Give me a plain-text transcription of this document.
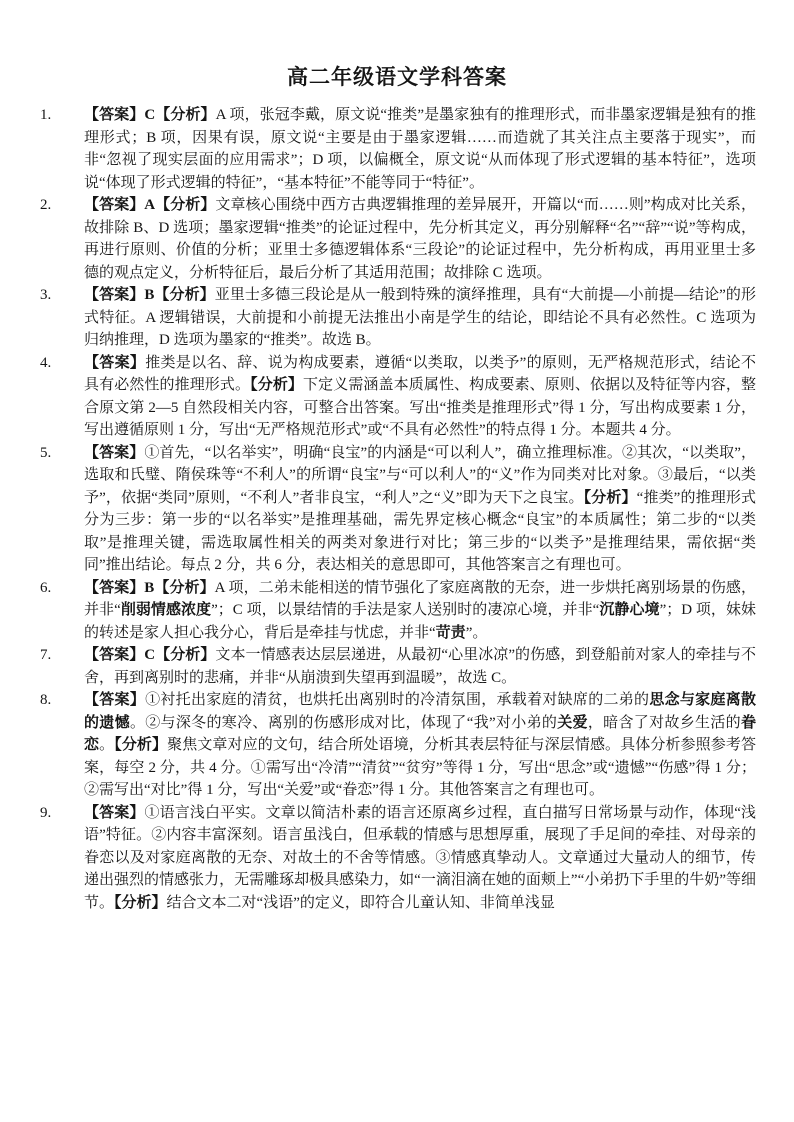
高二年级语文学科答案
1.	【答案】C【分析】A 项，张冠李戴，原文说“推类”是墨家独有的推理形式，而非墨家逻辑是独有的推理形式；B 项，因果有误，原文说“主要是由于墨家逻辑……而造就了其关注点主要落于现实”，而非“忽视了现实层面的应用需求”；D 项，以偏概全，原文说“从而体现了形式逻辑的基本特征”，选项说“体现了形式逻辑的特征”，“基本特征”不能等同于“特征”。
2.	【答案】A【分析】文章核心围绕中西方古典逻辑推理的差异展开，开篇以“而……则”构成对比关系，故排除 B、D 选项；墨家逻辑“推类”的论证过程中，先分析其定义，再分别解释“名”“辞”“说”等构成，再进行原则、价值的分析；亚里士多德逻辑体系“三段论”的论证过程中，先分析构成，再用亚里士多德的观点定义，分析特征后，最后分析了其适用范围；故排除 C 选项。
3.	【答案】B【分析】亚里士多德三段论是从一般到特殊的演绎推理，具有“大前提—小前提—结论”的形式特征。A 逻辑错误，大前提和小前提无法推出小南是学生的结论，即结论不具有必然性。C 选项为归纳推理，D 选项为墨家的“推类”。故选 B。
4.	【答案】推类是以名、辞、说为构成要素，遵循“以类取，以类予”的原则，无严格规范形式，结论不具有必然性的推理形式。【分析】下定义需涵盖本质属性、构成要素、原则、依据以及特征等内容，整合原文第 2—5 自然段相关内容，可整合出答案。写出“推类是推理形式”得 1 分，写出构成要素 1 分，写出遵循原则 1 分，写出“无严格规范形式”或“不具有必然性”的特点得 1 分。本题共 4 分。
5.	【答案】①首先，“以名举实”，明确“良宝”的内涵是“可以利人”，确立推理标准。②其次，“以类取”，选取和氏璧、隋侯珠等“不利人”的所谓“良宝”与“可以利人”的“义”作为同类对比对象。③最后，“以类予”，依据“类同”原则，“不利人”者非良宝，“利人”之“义”即为天下之良宝。【分析】“推类”的推理形式分为三步：第一步的“以名举实”是推理基础，需先界定核心概念“良宝”的本质属性；第二步的“以类取”是推理关键，需选取属性相关的两类对象进行对比；第三步的“以类予”是推理结果，需依据“类同”推出结论。每点 2 分，共 6 分，表达相关的意思即可，其他答案言之有理也可。
6.	【答案】B【分析】A 项，二弟未能相送的情节强化了家庭离散的无奈，进一步烘托离别场景的伤感，并非“削弱情感浓度”；C 项，以景结情的手法是家人送别时的凄凉心境，并非“沉静心境”；D 项，妹妹的转述是家人担心我分心，背后是牵挂与忧虑，并非“苛责”。
7.	【答案】C【分析】文本一情感表达层层递进，从最初“心里冰凉”的伤感，到登船前对家人的牵挂与不舍，再到离别时的悲痛，并非“从崩溃到失望再到温暖”，故选 C。
8.	【答案】①衬托出家庭的清贫，也烘托出离别时的冷清氛围，承载着对缺席的二弟的思念与家庭离散的遗憾。②与深冬的寒冷、离别的伤感形成对比，体现了“我”对小弟的关爱，暗含了对故乡生活的眷恋。【分析】聚焦文章对应的文句，结合所处语境，分析其表层特征与深层情感。具体分析参照参考答案，每空 2 分，共 4 分。①需写出“冷清”“清贫”“贫穷”等得 1 分，写出“思念”或“遗憾”“伤感”得 1 分；②需写出“对比”得 1 分，写出“关爱”或“眷恋”得 1 分。其他答案言之有理也可。
9.	【答案】①语言浅白平实。文章以简洁朴素的语言还原离乡过程，直白描写日常场景与动作，体现“浅语”特征。②内容丰富深刻。语言虽浅白，但承载的情感与思想厚重，展现了手足间的牵挂、对母亲的眷恋以及对家庭离散的无奈、对故土的不舍等情感。③情感真挚动人。文章通过大量动人的细节，传递出强烈的情感张力，无需雕琢却极具感染力，如“一滴泪滴在她的面颊上”“小弟扔下手里的牛奶”等细节。【分析】结合文本二对“浅语”的定义，即符合儿童认知、非简单浅显
